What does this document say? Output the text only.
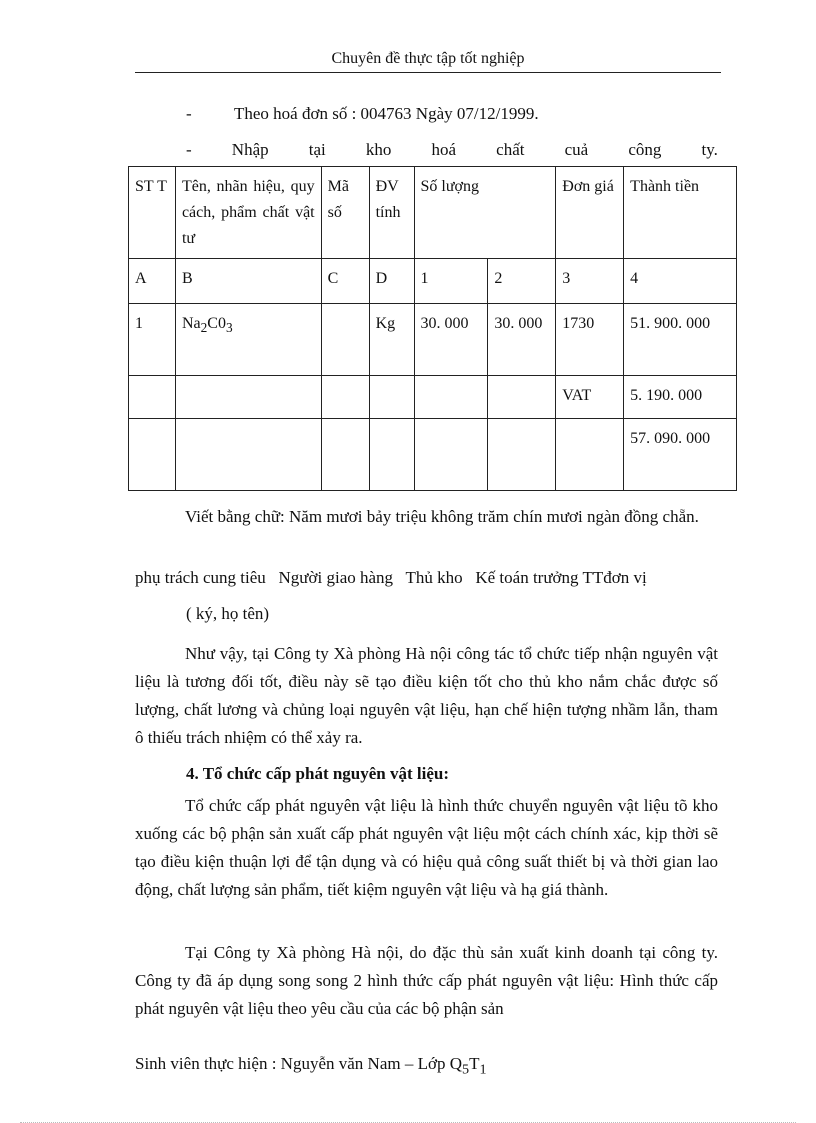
Chuyên đề thực tập tốt nghiệp
- Theo hoá đơn số : 004763 Ngày 07/12/1999.
- Nhập tại kho hoá chất cuả công ty.
ST T	Tên, nhãn hiệu, quy cách, phẩm chất vật tư	Mã số	ĐV tính	Số lượng		Đơn giá	Thành tiền
A	B	C	D	1	2	3	4
1	$Na_2C0_3$		Kg	30. 000	30. 000	1730	51. 900. 000
						VAT	5. 190. 000
							57. 090. 000

Viết bằng chữ: Năm mươi bảy triệu không trăm chín mươi ngàn đồng chẵn.

phụ trách cung tiêu   Người giao hàng   Thủ kho   Kế toán trưởng TTđơn vị
( ký, họ tên)

Như vậy, tại Công ty Xà phòng Hà nội công tác tổ chức tiếp nhận nguyên vật liệu là tương đối tốt, điều này sẽ tạo điều kiện tốt cho thủ kho nắm chắc được số lượng, chất lương và chủng loại nguyên vật liệu, hạn chế hiện tượng nhầm lẫn, tham ô thiếu trách nhiệm có thể xảy ra.

4. Tổ chức cấp phát nguyên vật liệu:

Tổ chức cấp phát nguyên vật liệu là hình thức chuyển nguyên vật liệu tõ kho xuống các bộ phận sản xuất cấp phát nguyên vật liệu một cách chính xác, kịp thời sẽ tạo điều kiện thuận lợi để tận dụng và có hiệu quả công suất thiết bị và thời gian lao động, chất lượng sản phẩm, tiết kiệm nguyên vật liệu và hạ giá thành.

Tại Công ty Xà phòng Hà nội, do đặc thù sản xuất kinh doanh tại công ty. Công ty đã áp dụng song song 2 hình thức cấp phát nguyên vật liệu: Hình thức cấp phát nguyên vật liệu theo yêu cầu của các bộ phận sản

Sinh viên thực hiện : Nguyễn văn Nam – Lớp $Q_5T_1$
